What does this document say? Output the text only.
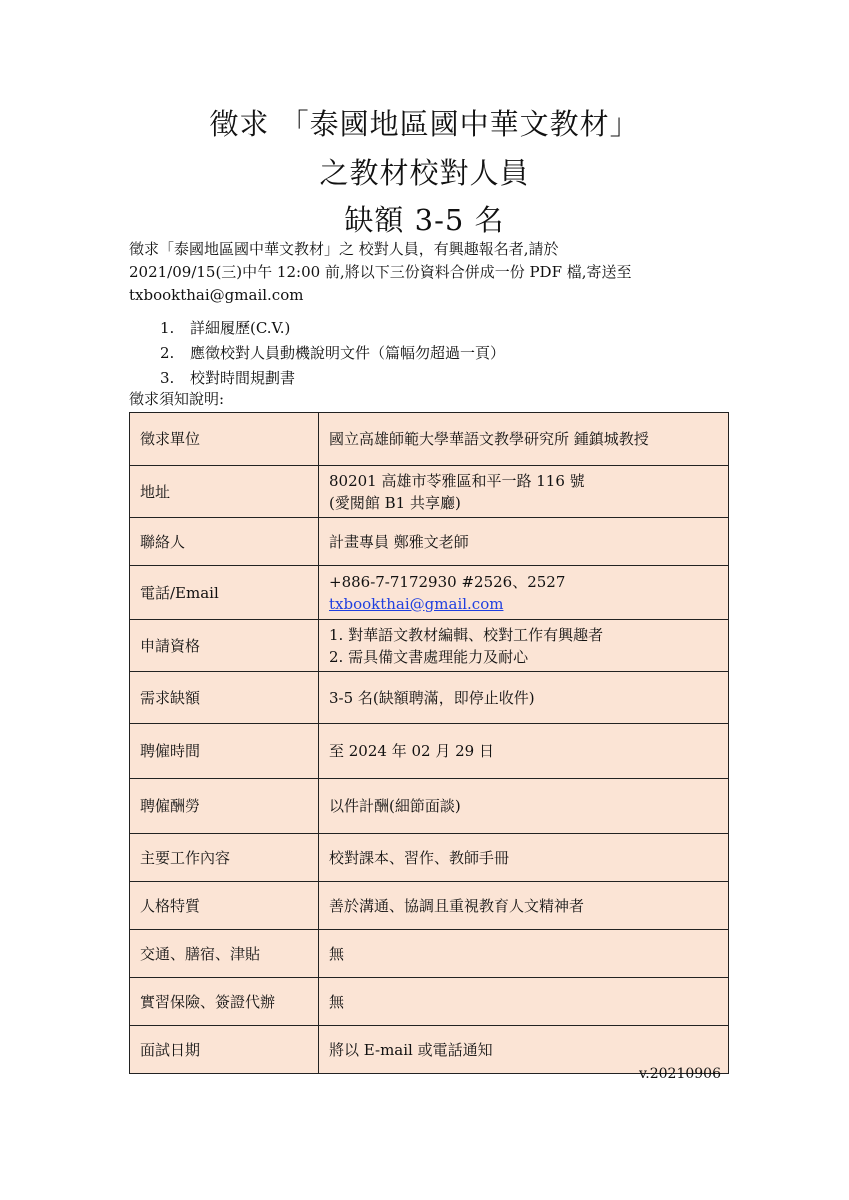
徵求 「泰國地區國中華文教材」
之教材校對人員
缺額 3-5 名

徵求「泰國地區國中華文教材」之 校對人員，有興趣報名者,請於

2021/09/15(三)中午 12:00 前,將以下三份資料合併成一份 PDF 檔,寄送至

txbookthai@gmail.com

1. 詳細履歷(C.V.)
2. 應徵校對人員動機說明文件（篇幅勿超過一頁）
3. 校對時間規劃書
徵求須知說明:
徵求單位	國立高雄師範大學華語文教學研究所 鍾鎮城教授
地址	80201 高雄市苓雅區和平一路 116 號
(愛閱館 B1 共享廳)

聯絡人	計畫專員 鄭雅文老師
電話/Email	+886-7-7172930 #2526、2527
txbookthai@gmail.com

申請資格	1. 對華語文教材編輯、校對工作有興趣者
2. 需具備文書處理能力及耐心

需求缺額	3-5 名(缺額聘滿，即停止收件)
聘僱時間	至 2024 年 02 月 29 日
聘僱酬勞	以件計酬(細節面談)
主要工作內容	校對課本、習作、教師手冊
人格特質	善於溝通、協調且重視教育人文精神者
交通、膳宿、津貼	無
實習保險、簽證代辦	無
面試日期	將以 E-mail 或電話通知
v.20210906
